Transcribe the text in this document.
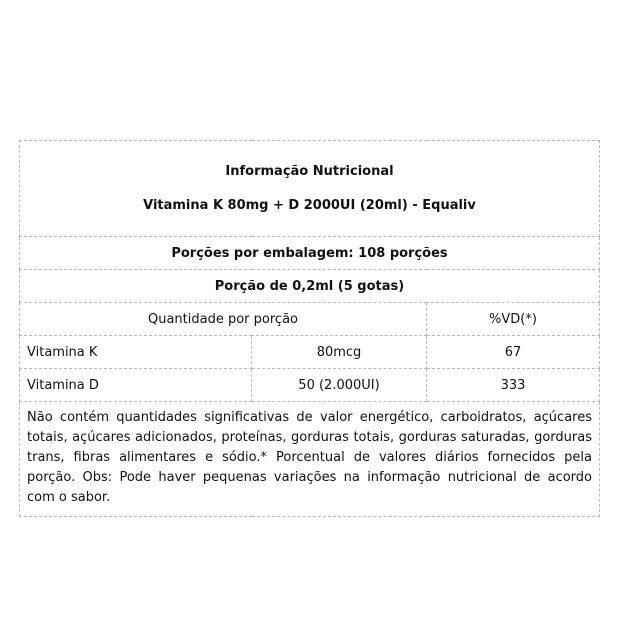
Informação Nutricional
Vitamina K 80mg + D 2000UI (20ml) - Equaliv		

Porções por embalagem: 108 porções		
Porção de 0,2ml (5 gotas)		
Quantidade por porção		%VD(*)
Vitamina K	80mcg	67
Vitamina D	50 (2.000UI)	333
Não contém quantidades significativas de valor energético, carboidratos, açúcares totais, açúcares adicionados, proteínas, gorduras totais, gorduras saturadas, gorduras trans, fibras alimentares e sódio.* Porcentual de valores diários fornecidos pela porção. Obs: Pode haver pequenas variações na informação nutricional de acordo com o sabor.		
